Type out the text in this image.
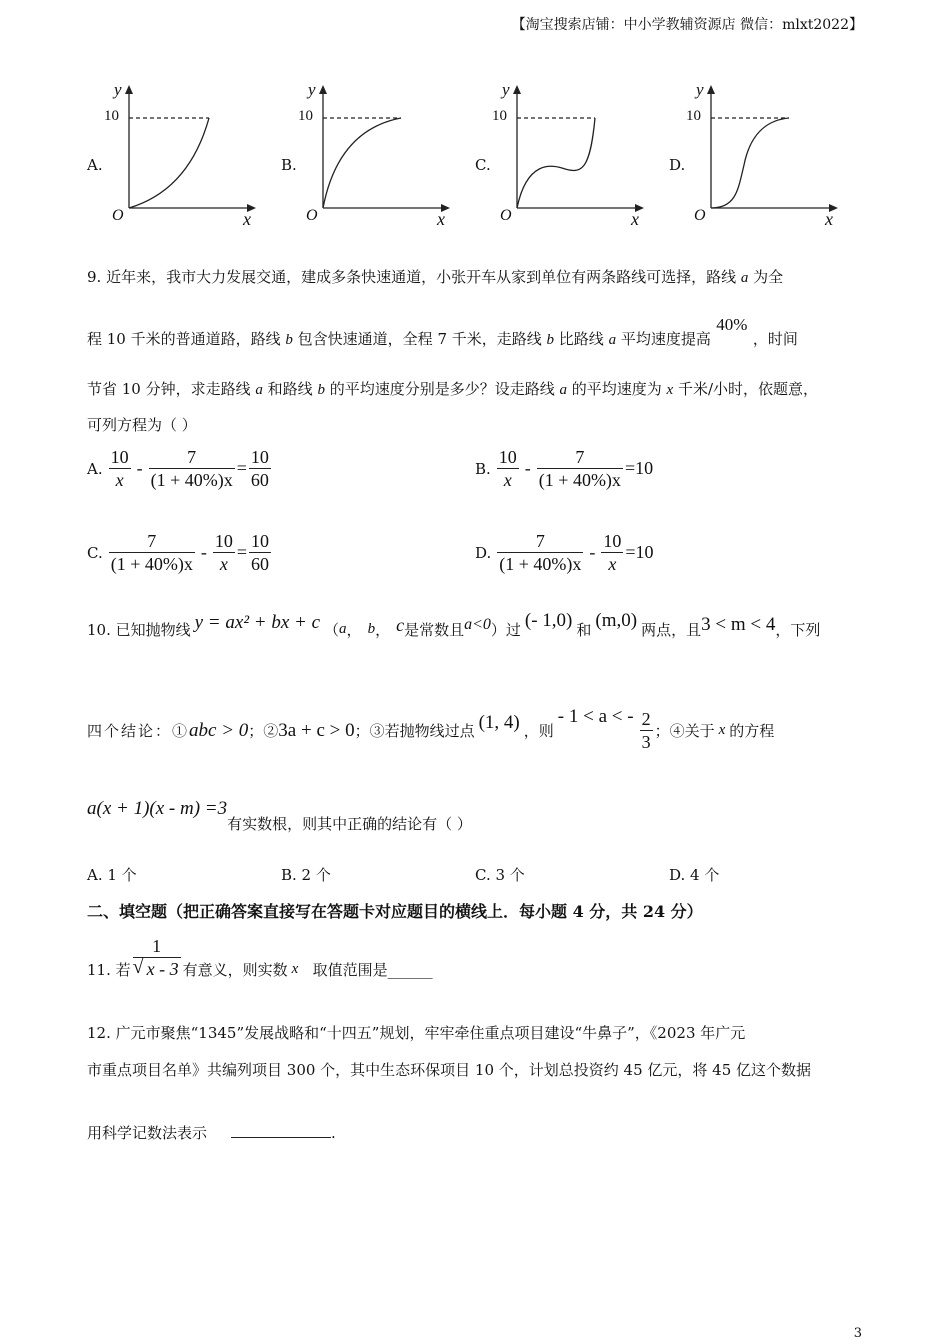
【淘宝搜索店铺：中小学教辅资源店 微信：mlxt2022】
A.
y
10
O	x
B.
y
10
O	x
C.
y
10
O	x
D.
y
10
O	x
9. 近年来，我市大力发展交通，建成多条快速通道，小张开车从家到单位有两条路线可选择，路线 a 为全
程 10 千米的普通道路，路线 b 包含快速通道，全程 7 千米，走路线 b 比路线 a 平均速度提高40%，时间
节省 10 分钟，求走路线 a 和路线 b 的平均速度分别是多少？设走路线 a 的平均速度为 x 千米/小时，依题意，
可列方程为（ ）
A. $\frac{10}{x} - \frac{7}{(1 + 40\%)x} = \frac{10}{60}$	B. $\frac{10}{x} - \frac{7}{(1 + 40\%)x} =10$
C. $\frac{7}{(1 + 40\%)x} - \frac{10}{x} = \frac{10}{60}$	D. $\frac{7}{(1 + 40\%)x} - \frac{10}{x} =10$
10. 已知抛物线 y = ax² + bx + c （ a ， b ， c 是常数且 a<0 ）过 (- 1,0) 和 (m,0) 两点，且 3 < m < 4 ，下列
四个结论：① abc > 0 ；② 3a + c > 0 ；③若抛物线过点 (1, 4) ，则
- 1 < a < - $\frac{2}{3}$ ；④关于 x 的方程
a(x + 1)(x - m) =3
有实数根，则其中正确的结论有（ ）
A. 1 个	B. 2 个	C. 3 个	D. 4 个
二、填空题（把正确答案直接写在答题卡对应题目的横线上．每小题 4 分，共 24 分）
11. 若 $\frac{1}{√ x - 3}$ 有意义，则实数 x 取值范围是______
12. 广元市聚焦“1345”发展战略和“十四五”规划，牢牢牵住重点项目建设“牛鼻子”，《2023 年广元
市重点项目名单》共编列项目 300 个，其中生态环保项目 10 个，计划总投资约 45 亿元，将 45 亿这个数据
用科学记数法表示	.
3
